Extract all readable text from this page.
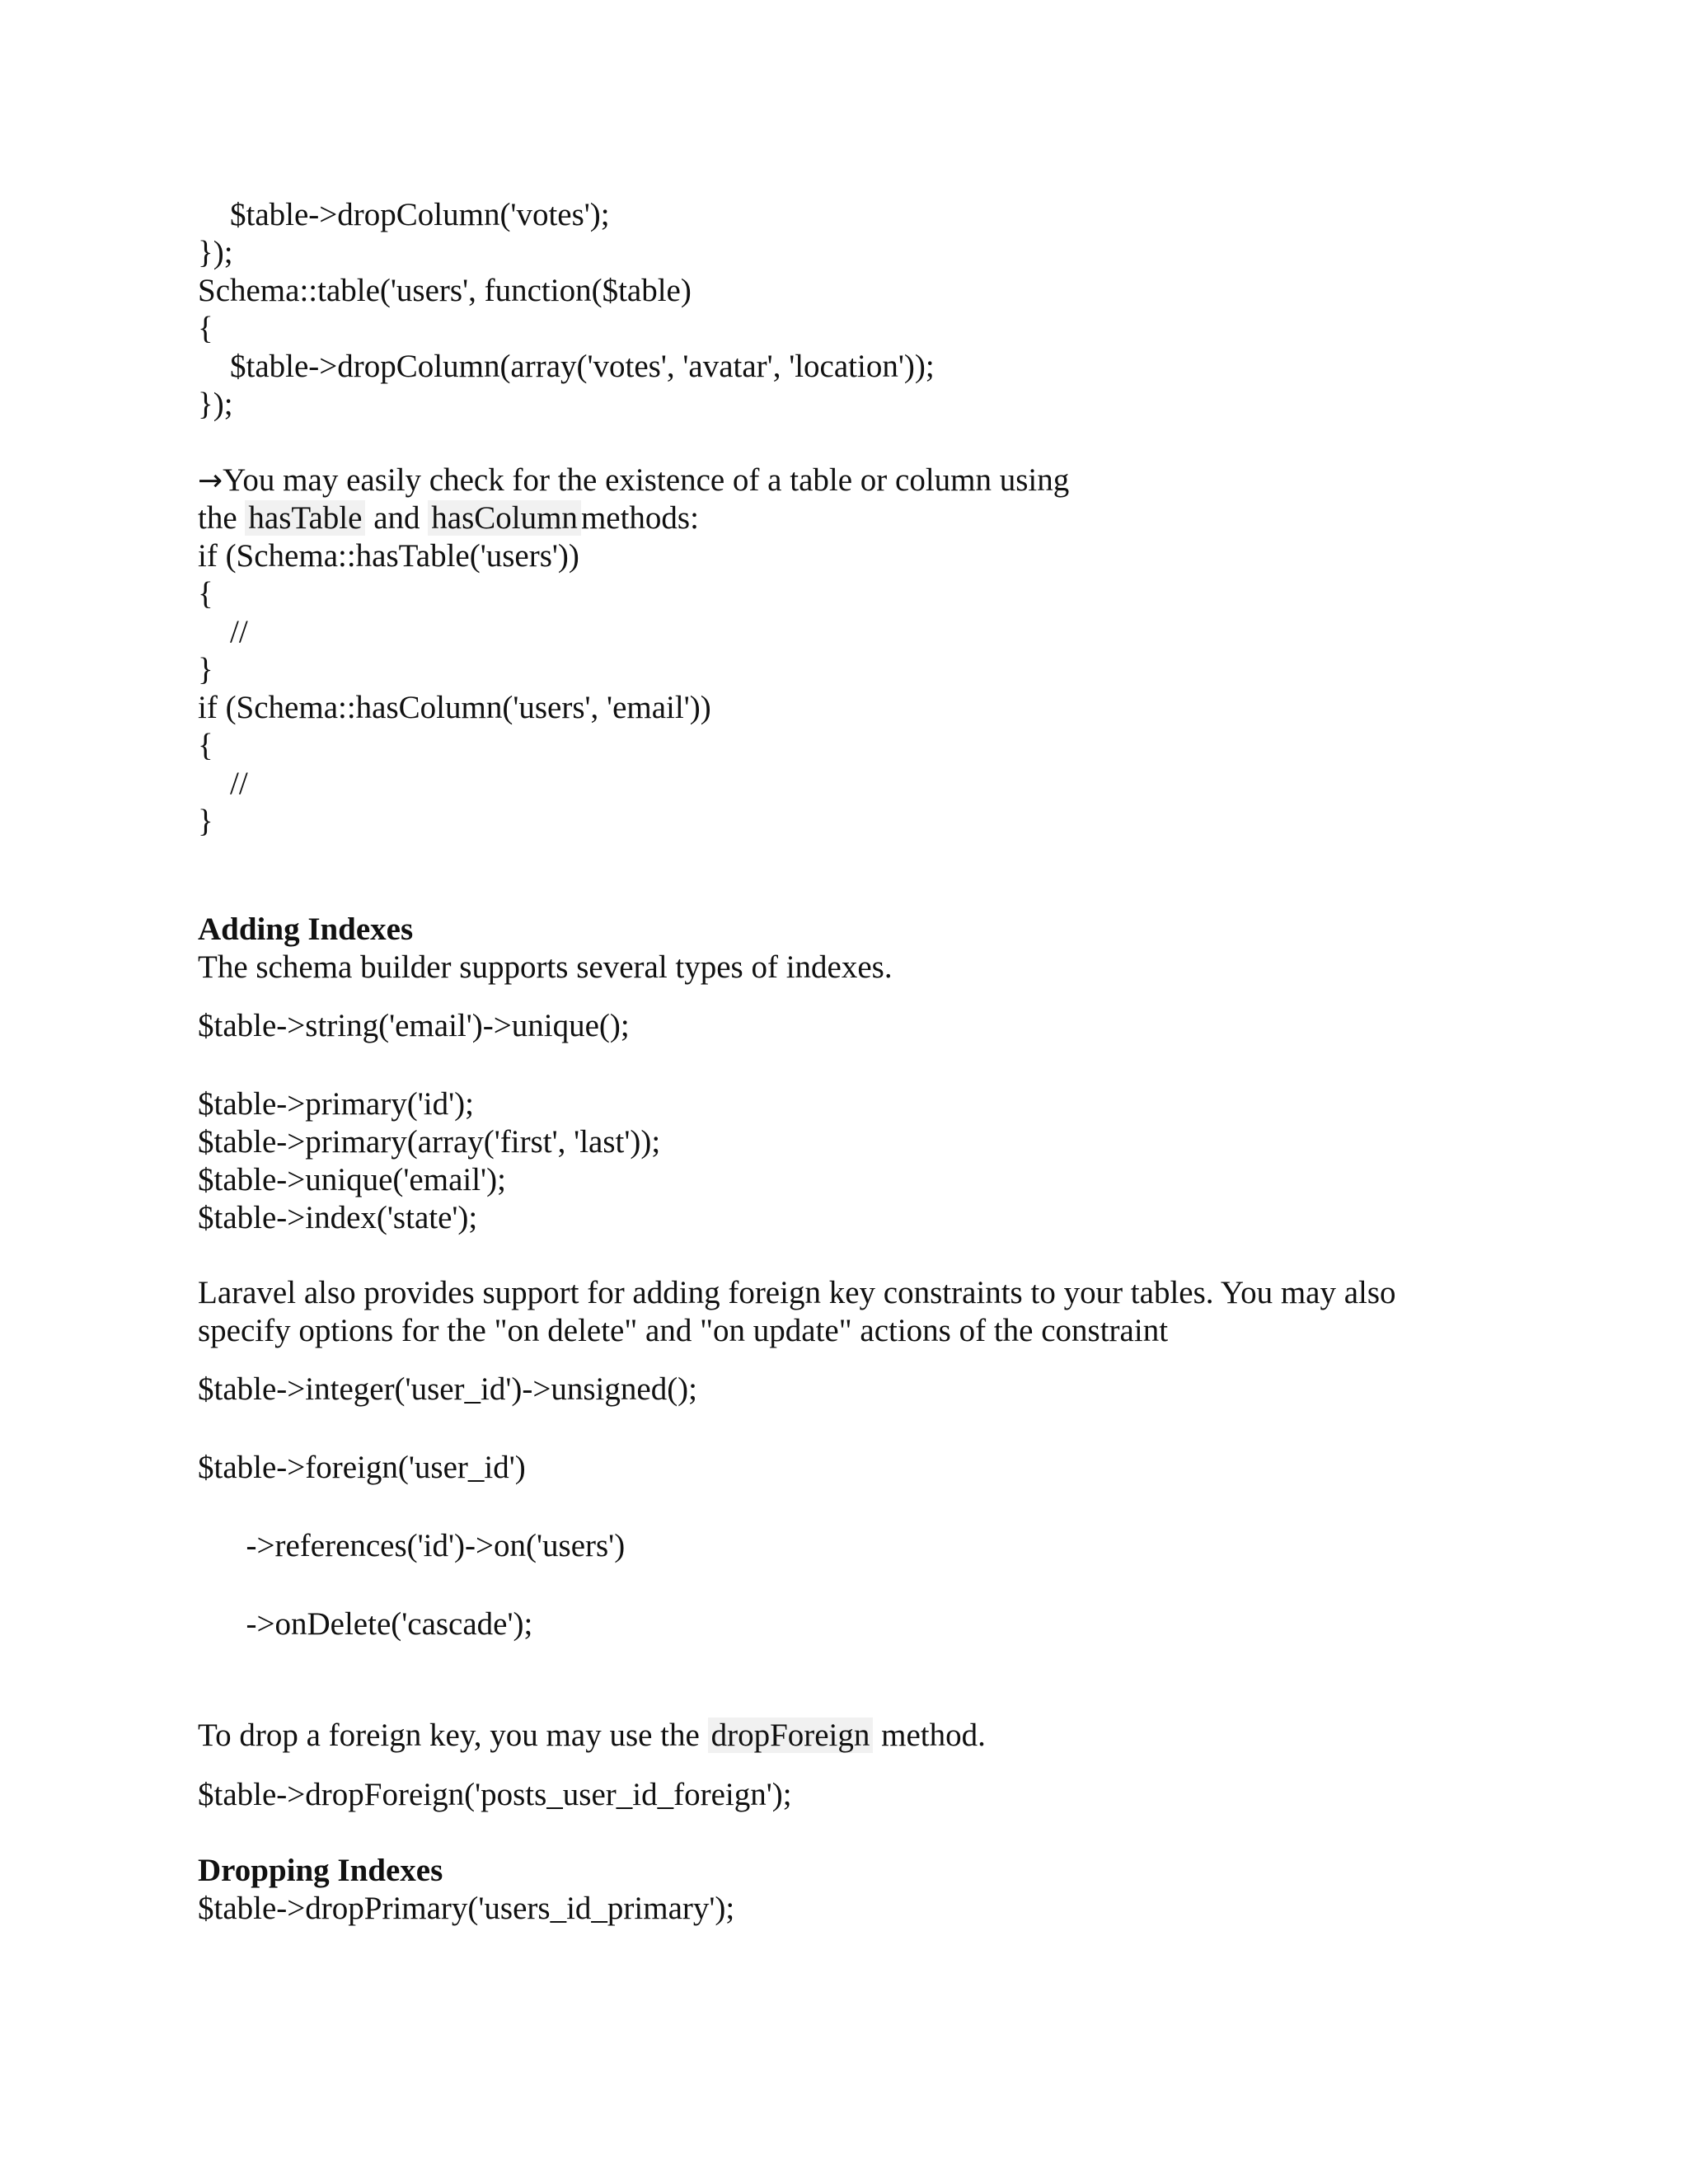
$table->dropColumn('votes');

});

Schema::table('users', function($table)

{

$table->dropColumn(array('votes', 'avatar', 'location'));

});

→You may easily check for the existence of a table or column using

the hasTable and hasColumn methods:

if (Schema::hasTable('users'))

{

//

}

if (Schema::hasColumn('users', 'email'))

{

//

}

Adding Indexes

The schema builder supports several types of indexes.

$table->string('email')->unique();

$table->primary('id');

$table->primary(array('first', 'last'));

$table->unique('email');

$table->index('state');

Laravel also provides support for adding foreign key constraints to your tables. You may also

specify options for the "on delete" and "on update" actions of the constraint

$table->integer('user_id')->unsigned();

$table->foreign('user_id')

->references('id')->on('users')

->onDelete('cascade');

To drop a foreign key, you may use the dropForeign method.

$table->dropForeign('posts_user_id_foreign');

Dropping Indexes

$table->dropPrimary('users_id_primary');
